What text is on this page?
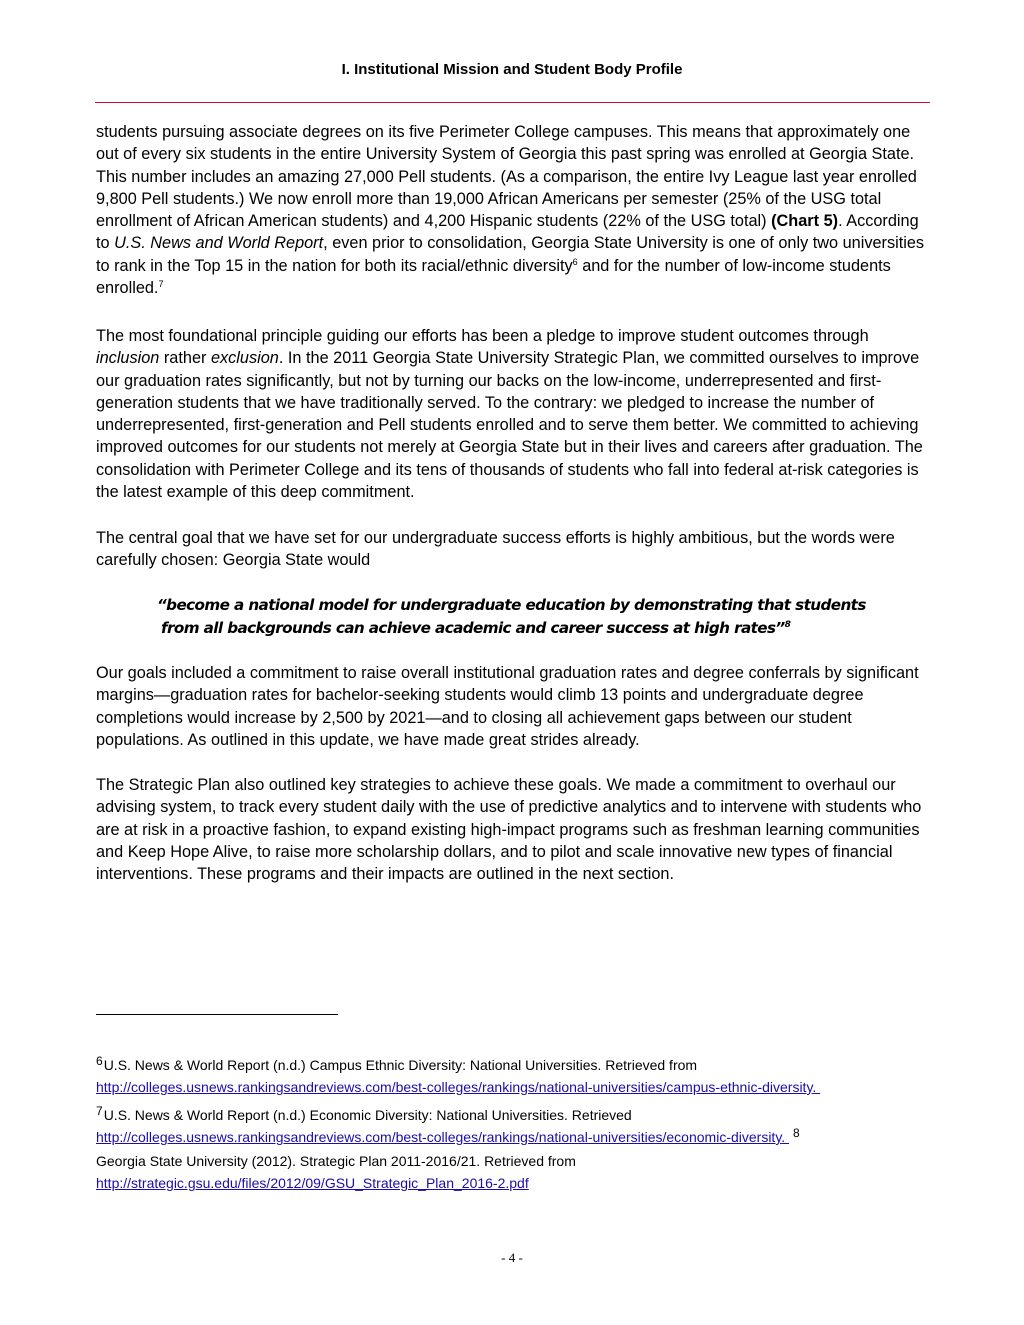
I. Institutional Mission and Student Body Profile

students pursuing associate degrees on its five Perimeter College campuses. This means that approximately one out of every six students in the entire University System of Georgia this past spring was enrolled at Georgia State. This number includes an amazing 27,000 Pell students. (As a comparison, the entire Ivy League last year enrolled 9,800 Pell students.) We now enroll more than 19,000 African Americans per semester (25% of the USG total enrollment of African American students) and 4,200 Hispanic students (22% of the USG total) (Chart 5). According to U.S. News and World Report, even prior to consolidation, Georgia State University is one of only two universities to rank in the Top 15 in the nation for both its racial/ethnic diversity$^6$ and for the number of low-income students enrolled.$^7$

The most foundational principle guiding our efforts has been a pledge to improve student outcomes through inclusion rather exclusion. In the 2011 Georgia State University Strategic Plan, we committed ourselves to improve our graduation rates significantly, but not by turning our backs on the low-income, underrepresented and first-generation students that we have traditionally served. To the contrary: we pledged to increase the number of underrepresented, first-generation and Pell students enrolled and to serve them better. We committed to achieving improved outcomes for our students not merely at Georgia State but in their lives and careers after graduation. The consolidation with Perimeter College and its tens of thousands of students who fall into federal at-risk categories is the latest example of this deep commitment.

The central goal that we have set for our undergraduate success efforts is highly ambitious, but the words were carefully chosen: Georgia State would

“become a national model for undergraduate education by demonstrating that students
from all backgrounds can achieve academic and career success at high rates”$^8$

Our goals included a commitment to raise overall institutional graduation rates and degree conferrals by significant margins—graduation rates for bachelor-seeking students would climb 13 points and undergraduate degree completions would increase by 2,500 by 2021—and to closing all achievement gaps between our student populations. As outlined in this update, we have made great strides already.

The Strategic Plan also outlined key strategies to achieve these goals. We made a commitment to overhaul our advising system, to track every student daily with the use of predictive analytics and to intervene with students who are at risk in a proactive fashion, to expand existing high-impact programs such as freshman learning communities and Keep Hope Alive, to raise more scholarship dollars, and to pilot and scale innovative new types of financial interventions. These programs and their impacts are outlined in the next section.

6U.S. News & World Report (n.d.) Campus Ethnic Diversity: National Universities. Retrieved from
http://colleges.usnews.rankingsandreviews.com/best-colleges/rankings/national-universities/campus-ethnic-diversity.

7U.S. News & World Report (n.d.) Economic Diversity: National Universities. Retrieved
http://colleges.usnews.rankingsandreviews.com/best-colleges/rankings/national-universities/economic-diversity.  8

Georgia State University (2012). Strategic Plan 2011-2016/21. Retrieved from
http://strategic.gsu.edu/files/2012/09/GSU_Strategic_Plan_2016-2.pdf

- 4 -
